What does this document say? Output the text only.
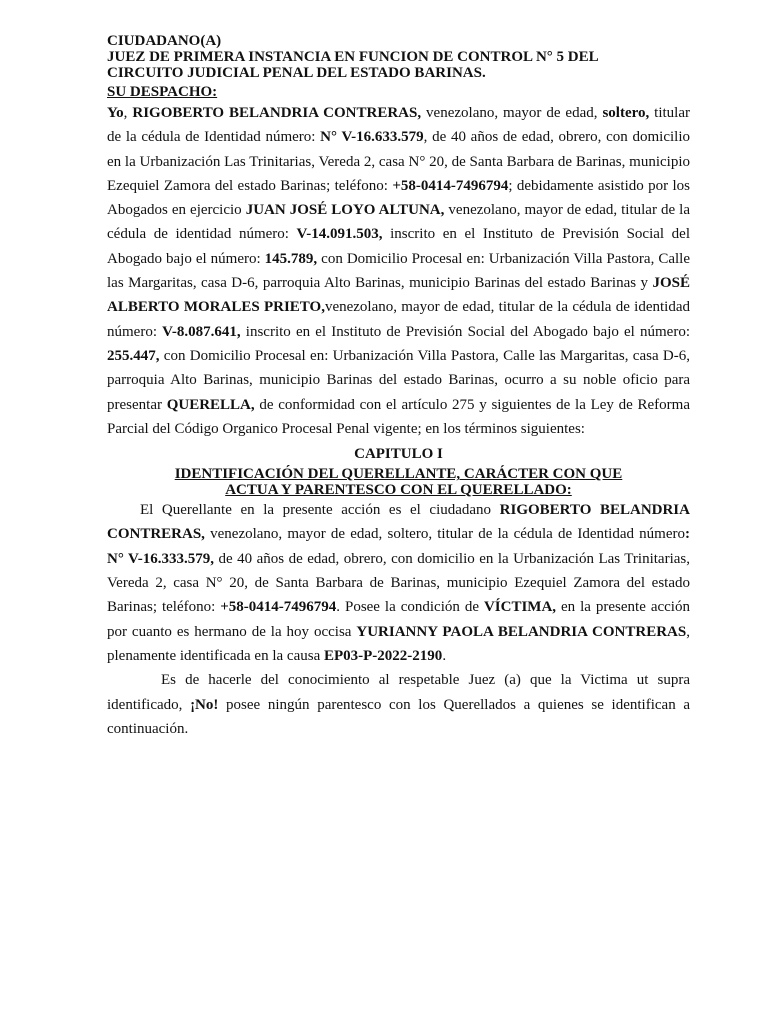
CIUDADANO(A)
JUEZ DE PRIMERA INSTANCIA EN FUNCION DE CONTROL N° 5 DEL
CIRCUITO JUDICIAL PENAL DEL ESTADO BARINAS.
SU DESPACHO:

Yo, RIGOBERTO BELANDRIA CONTRERAS, venezolano, mayor de edad, soltero, titular de la cédula de Identidad número: N° V-16.633.579, de 40 años de edad, obrero, con domicilio en la Urbanización Las Trinitarias, Vereda 2, casa N° 20, de Santa Barbara de Barinas, municipio Ezequiel Zamora del estado Barinas; teléfono: +58-0414-7496794; debidamente asistido por los Abogados en ejercicio JUAN JOSÉ LOYO ALTUNA, venezolano, mayor de edad, titular de la cédula de identidad número: V-14.091.503, inscrito en el Instituto de Previsión Social del Abogado bajo el número: 145.789, con Domicilio Procesal en: Urbanización Villa Pastora, Calle las Margaritas, casa D-6, parroquia Alto Barinas, municipio Barinas del estado Barinas y JOSÉ ALBERTO MORALES PRIETO,venezolano, mayor de edad, titular de la cédula de identidad número: V-8.087.641, inscrito en el Instituto de Previsión Social del Abogado bajo el número: 255.447, con Domicilio Procesal en: Urbanización Villa Pastora, Calle las Margaritas, casa D-6, parroquia Alto Barinas, municipio Barinas del estado Barinas, ocurro a su noble oficio para presentar QUERELLA, de conformidad con el artículo 275 y siguientes de la Ley de Reforma Parcial del Código Organico Procesal Penal vigente; en los términos siguientes:

CAPITULO I
IDENTIFICACIÓN DEL QUERELLANTE, CARÁCTER CON QUE
ACTUA Y PARENTESCO CON EL QUERELLADO:

El Querellante en la presente acción es el ciudadano RIGOBERTO BELANDRIA CONTRERAS, venezolano, mayor de edad, soltero, titular de la cédula de Identidad número: N° V-16.333.579, de 40 años de edad, obrero, con domicilio en la Urbanización Las Trinitarias, Vereda 2, casa N° 20, de Santa Barbara de Barinas, municipio Ezequiel Zamora del estado Barinas; teléfono: +58-0414-7496794. Posee la condición de VÍCTIMA, en la presente acción por cuanto es hermano de la hoy occisa YURIANNY PAOLA BELANDRIA CONTRERAS, plenamente identificada en la causa EP03-P-2022-2190.

Es de hacerle del conocimiento al respetable Juez (a) que la Victima ut supra identificado, ¡No! posee ningún parentesco con los Querellados a quienes se identifican a continuación.
